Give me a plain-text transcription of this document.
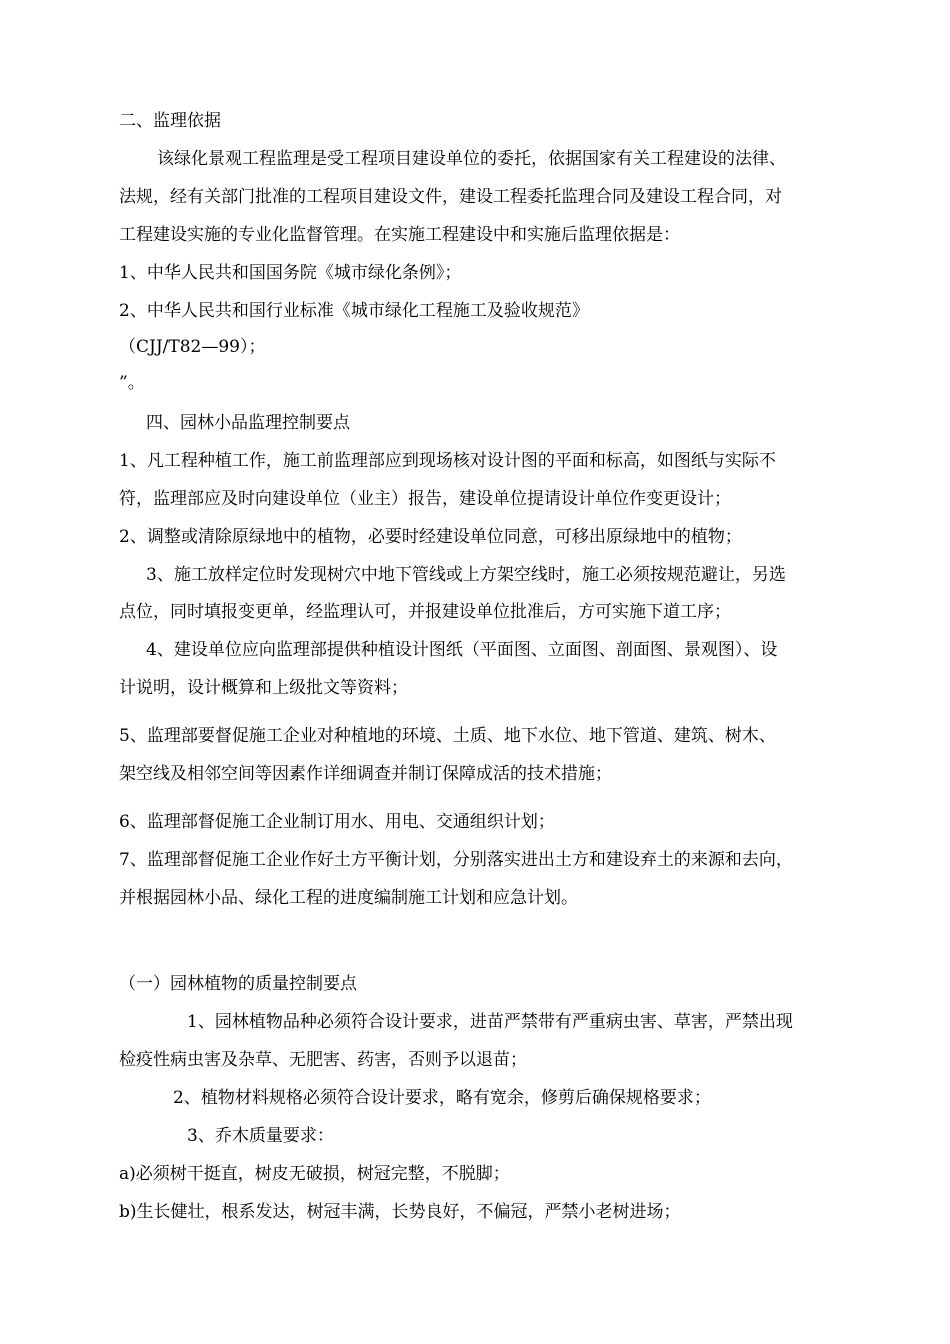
二、监理依据
该绿化景观工程监理是受工程项目建设单位的委托，依据国家有关工程建设的法律、
法规，经有关部门批准的工程项目建设文件，建设工程委托监理合同及建设工程合同，对
工程建设实施的专业化监督管理。在实施工程建设中和实施后监理依据是：
1、中华人民共和国国务院《城市绿化条例》；
2、中华人民共和国行业标准《城市绿化工程施工及验收规范》
（CJJ/T82—99）；
”。
四、园林小品监理控制要点
1、凡工程种植工作，施工前监理部应到现场核对设计图的平面和标高，如图纸与实际不
符，监理部应及时向建设单位（业主）报告，建设单位提请设计单位作变更设计；
2、调整或清除原绿地中的植物，必要时经建设单位同意，可移出原绿地中的植物；
3、施工放样定位时发现树穴中地下管线或上方架空线时，施工必须按规范避让，另选
点位，同时填报变更单，经监理认可，并报建设单位批准后，方可实施下道工序；
4、建设单位应向监理部提供种植设计图纸（平面图、立面图、剖面图、景观图）、设
计说明，设计概算和上级批文等资料；
5、监理部要督促施工企业对种植地的环境、土质、地下水位、地下管道、建筑、树木、
架空线及相邻空间等因素作详细调查并制订保障成活的技术措施；
6、监理部督促施工企业制订用水、用电、交通组织计划；
7、监理部督促施工企业作好土方平衡计划，分别落实进出土方和建设弃土的来源和去向，
并根据园林小品、绿化工程的进度编制施工计划和应急计划。
（一）园林植物的质量控制要点
1、园林植物品种必须符合设计要求，进苗严禁带有严重病虫害、草害，严禁出现
检疫性病虫害及杂草、无肥害、药害，否则予以退苗；
2、植物材料规格必须符合设计要求，略有宽余，修剪后确保规格要求；
3、乔木质量要求：
a)必须树干挺直，树皮无破损，树冠完整，不脱脚；
b)生长健壮，根系发达，树冠丰满，长势良好，不偏冠，严禁小老树进场；
